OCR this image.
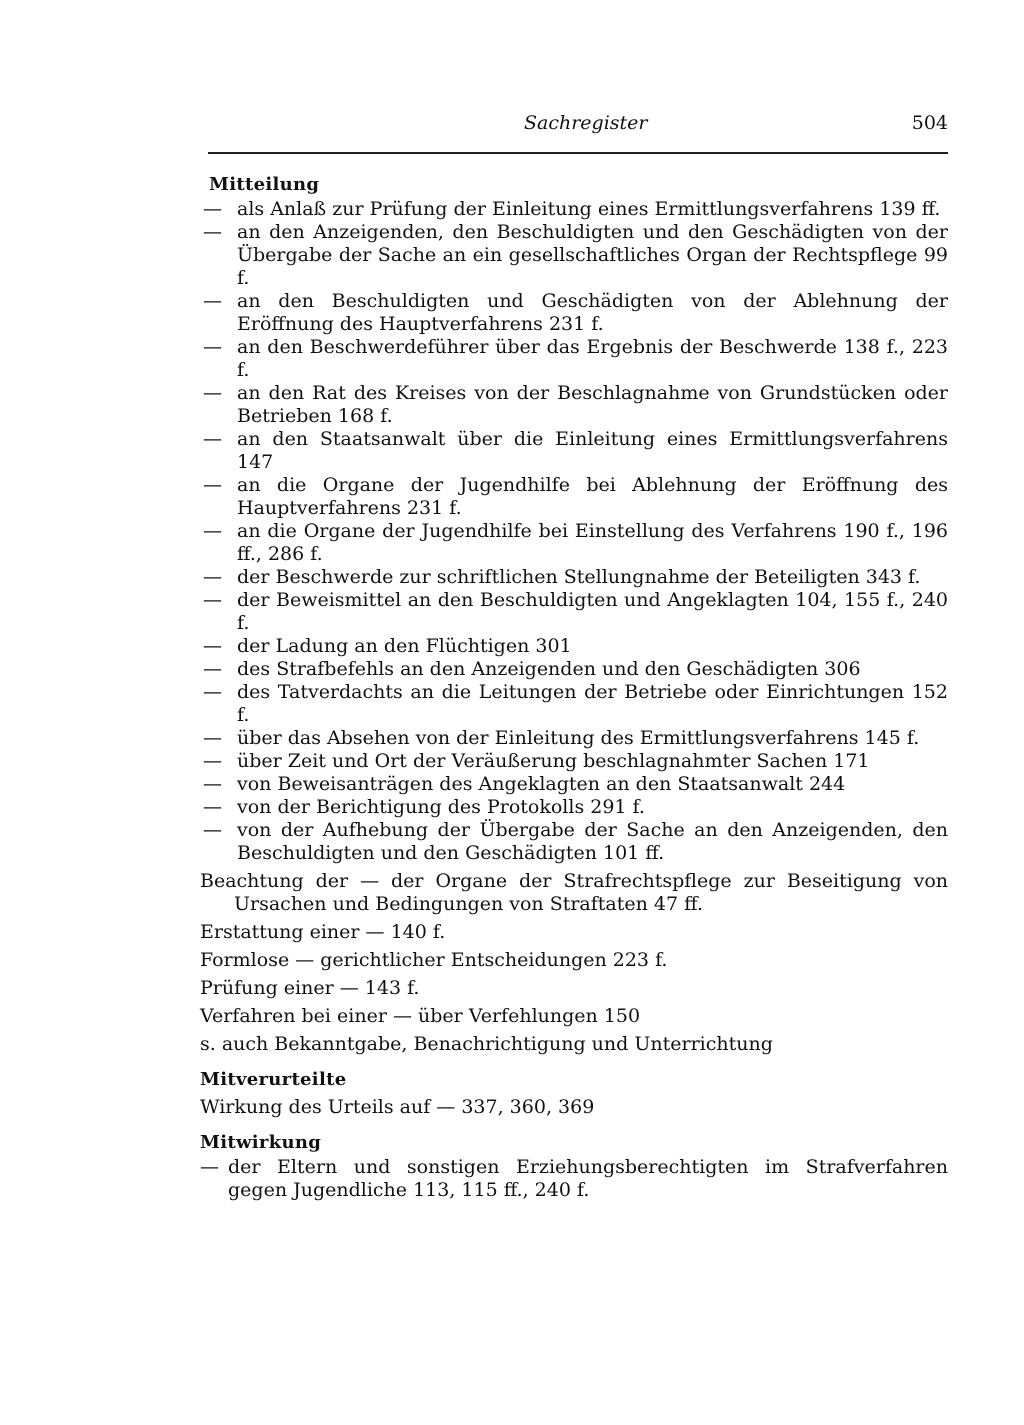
Sachregister	504
Mitteilung
— als Anlaß zur Prüfung der Einleitung eines Ermittlungsverfahrens 139 ff.
— an den Anzeigenden, den Beschuldigten und den Geschädigten von der Übergabe der Sache an ein gesellschaftliches Organ der Rechtspflege 99 f.
— an den Beschuldigten und Geschädigten von der Ablehnung der Eröffnung des Hauptverfahrens 231 f.
— an den Beschwerdeführer über das Ergebnis der Beschwerde 138 f., 223 f.
— an den Rat des Kreises von der Beschlagnahme von Grundstücken oder Betrieben 168 f.
— an den Staatsanwalt über die Einleitung eines Ermittlungsverfahrens 147
— an die Organe der Jugendhilfe bei Ablehnung der Eröffnung des Hauptverfahrens 231 f.
— an die Organe der Jugendhilfe bei Einstellung des Verfahrens 190 f., 196 ff., 286 f.
— der Beschwerde zur schriftlichen Stellungnahme der Beteiligten 343 f.
— der Beweismittel an den Beschuldigten und Angeklagten 104, 155 f., 240 f.
— der Ladung an den Flüchtigen 301
— des Strafbefehls an den Anzeigenden und den Geschädigten 306
— des Tatverdachts an die Leitungen der Betriebe oder Einrichtungen 152 f.
— über das Absehen von der Einleitung des Ermittlungsverfahrens 145 f.
— über Zeit und Ort der Veräußerung beschlagnahmter Sachen 171
— von Beweisanträgen des Angeklagten an den Staatsanwalt 244
— von der Berichtigung des Protokolls 291 f.
— von der Aufhebung der Übergabe der Sache an den Anzeigenden, den Beschuldigten und den Geschädigten 101 ff.
Beachtung der — der Organe der Strafrechtspflege zur Beseitigung von Ursachen und Bedingungen von Straftaten 47 ff.
Erstattung einer — 140 f.
Formlose — gerichtlicher Entscheidungen 223 f.
Prüfung einer — 143 f.
Verfahren bei einer — über Verfehlungen 150
s. auch Bekanntgabe, Benachrichtigung und Unterrichtung
Mitverurteilte
Wirkung des Urteils auf — 337, 360, 369
Mitwirkung
— der Eltern und sonstigen Erziehungsberechtigten im Strafverfahren gegen Jugendliche 113, 115 ff., 240 f.
